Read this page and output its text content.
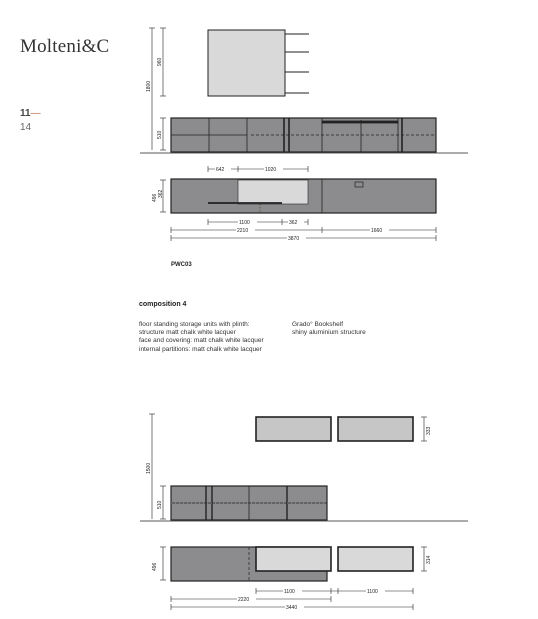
Molteni&C
11—
14
PWC03
composition 4
floor standing storage units with plinth:
structure matt chalk white lacquer
face and covering: matt chalk white lacquer
internal partitions: matt chalk white lacquer
Grado° Bookshelf
shiny aluminium structure
1800
960
510
642	1020
496 362
1100	362
2210	1660
3870
1500
510
333
496
314
1100	1100
2220
3440
